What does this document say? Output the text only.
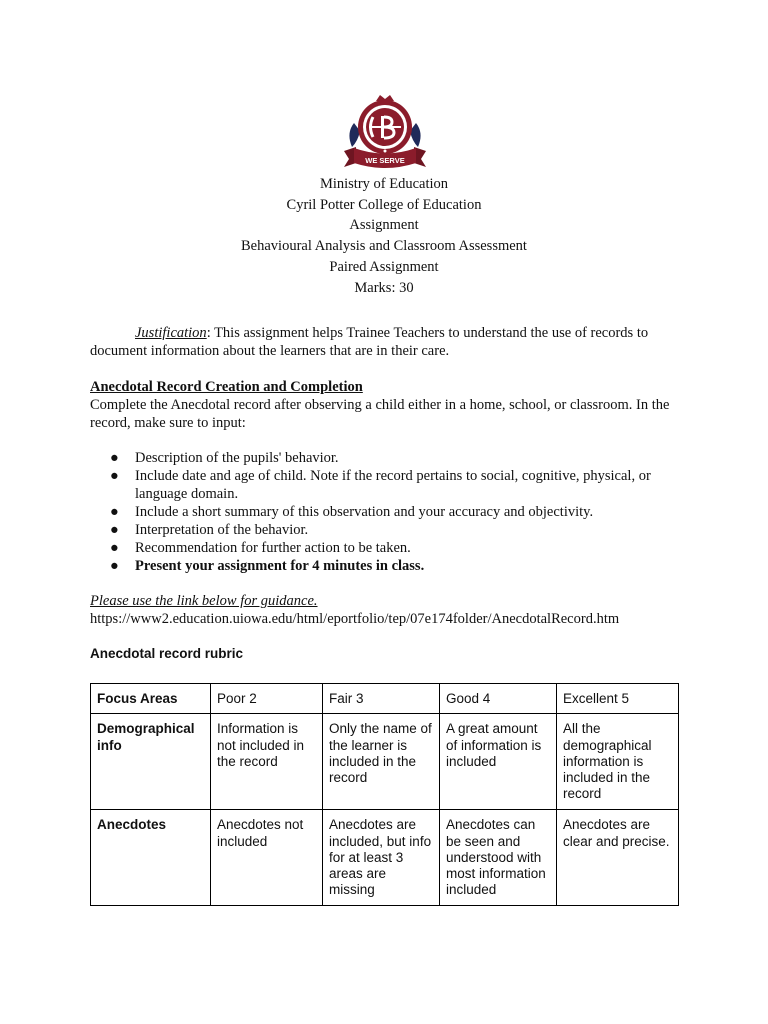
WE SERVE
Ministry of Education
Cyril Potter College of Education
Assignment
Behavioural Analysis and Classroom Assessment
Paired Assignment
Marks: 30
Justification: This assignment helps Trainee Teachers to understand the use of records to document information about the learners that are in their care.
Anecdotal Record Creation and Completion
Complete the Anecdotal record after observing a child either in a home, school, or classroom. In the record, make sure to input:
● Description of the pupils' behavior.
● Include date and age of child. Note if the record pertains to social, cognitive, physical, or language domain.
● Include a short summary of this observation and your accuracy and objectivity.
● Interpretation of the behavior.
● Recommendation for further action to be taken.
● Present your assignment for 4 minutes in class.
Please use the link below for guidance.
https://www2.education.uiowa.edu/html/eportfolio/tep/07e174folder/AnecdotalRecord.htm
Anecdotal record rubric
Focus Areas	Poor 2	Fair 3	Good 4	Excellent 5
Demographical info	Information is not included in the record	Only the name of the learner is included in the record	A great amount of information is included	All the demographical information is included in the record
Anecdotes	Anecdotes not included	Anecdotes are included, but info for at least 3 areas are missing	Anecdotes can be seen and understood with most information included	Anecdotes are clear and precise.
